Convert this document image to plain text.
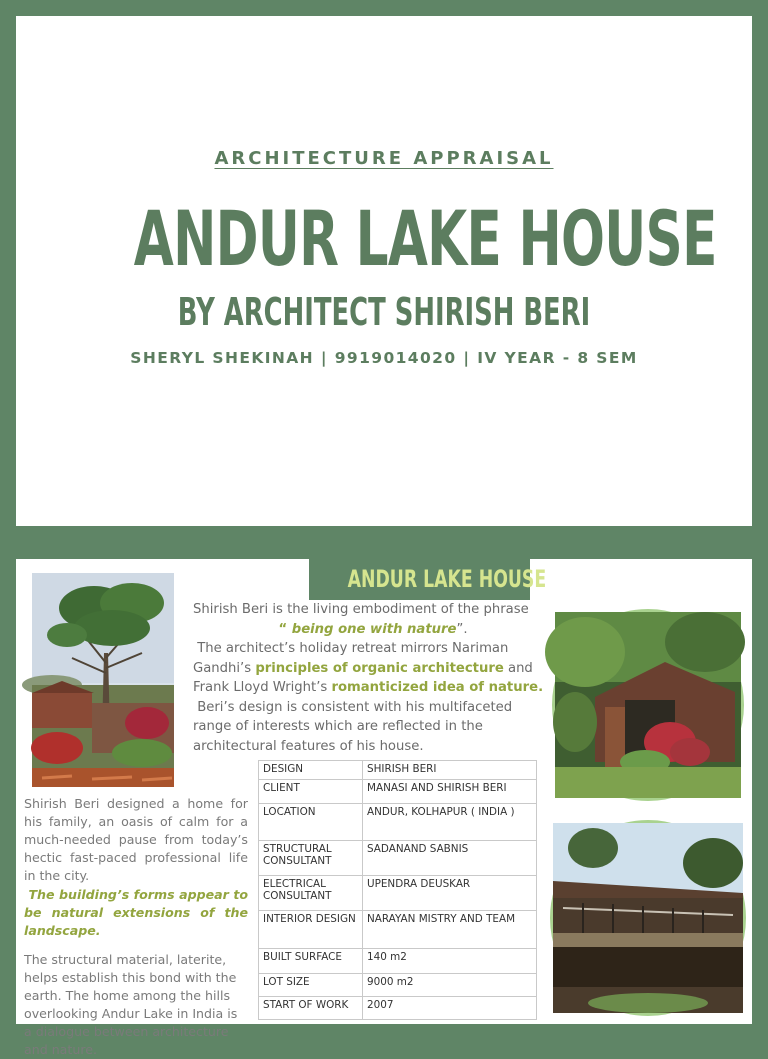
ARCHITECTURE APPRAISAL
ANDUR LAKE HOUSE
BY ARCHITECT SHIRISH BERI
SHERYL SHEKINAH | 9919014020 | IV YEAR - 8 SEM
ANDUR LAKE HOUSE

Shirish Beri is the living embodiment of the phrase

“ being one with nature”.

The architect’s holiday retreat mirrors Nariman Gandhi’s principles of organic architecture and Frank Lloyd Wright’s romanticized idea of nature.

Beri’s design is consistent with his multifaceted range of interests which are reflected in the architectural features of his house.

Shirish Beri designed a home for his family, an oasis of calm for a much-needed pause from today’s hectic fast-paced professional life in the city.

The building’s forms appear to be natural extensions of the landscape.

The structural material, laterite, helps establish this bond with the earth. The home among the hills overlooking Andur Lake in India is a dialogue between architecture and nature.

DESIGN	SHIRISH BERI
CLIENT	MANASI AND SHIRISH BERI
LOCATION	ANDUR, KOLHAPUR ( INDIA )
STRUCTURAL CONSULTANT	SADANAND SABNIS
ELECTRICAL CONSULTANT	UPENDRA DEUSKAR
INTERIOR DESIGN	NARAYAN MISTRY AND TEAM
BUILT SURFACE	140 m2
LOT SIZE	9000 m2
START OF WORK	2007
